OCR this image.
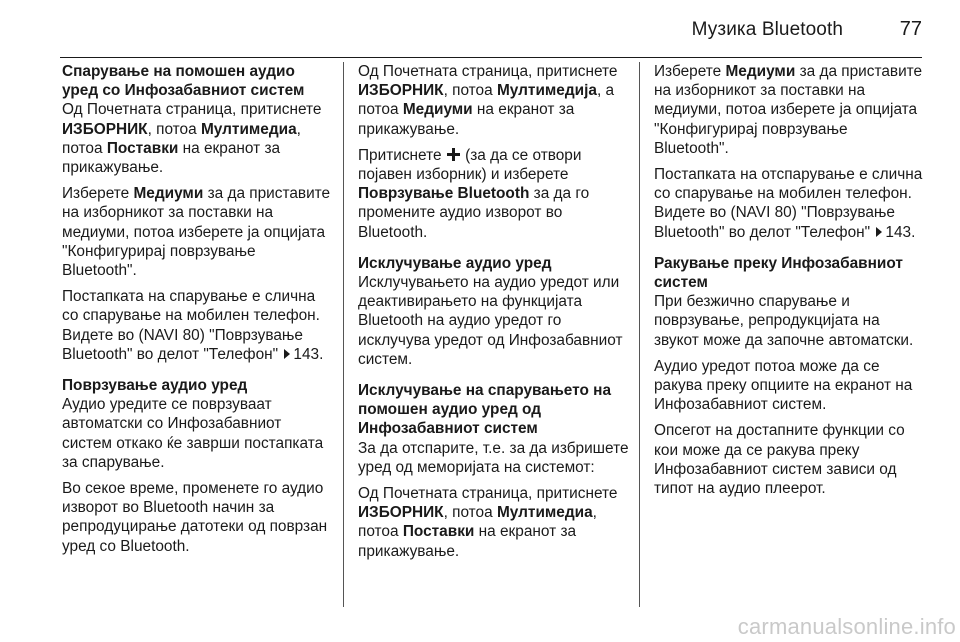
Музика Bluetooth	77
Спарување на помошен аудио уред со Инфозабавниот систем

Од Почетната страница, притиснете ИЗБОРНИК, потоа Мултимедиа, потоа Поставки на екранот за прикажување.

Изберете Медиуми за да приставите на изборникот за поставки на медиуми, потоа изберете ја опцијата "Конфигурирај поврзување Bluetooth".

Постапката на спарување е слична со спарување на мобилен телефон. Видете во (NAVI 80) "Поврзување Bluetooth" во делот "Телефон" 143.

Поврзување аудио уред

Аудио уредите се поврзуваат автоматски со Инфозабавниот систем откако ќе заврши постапката за спарување.

Во секое време, променете го аудио изворот во Bluetooth начин за репродуцирање датотеки од поврзан уред со Bluetooth.

Од Почетната страница, притиснете ИЗБОРНИК, потоа Мултимедија, а потоа Медиуми на екранот за прикажување.

Притиснете  (за да се отвори појавен изборник) и изберете Поврзување Bluetooth за да го промените аудио изворот во Bluetooth.

Исклучување аудио уред

Исклучувањето на аудио уредот или деактивирањето на функцијата Bluetooth на аудио уредот го исклучува уредот од Инфозабавниот систем.

Исклучување на спарувањето на помошен аудио уред од Инфозабавниот систем

За да отспарите, т.е. за да избришете уред од меморијата на системот:

Од Почетната страница, притиснете ИЗБОРНИК, потоа Мултимедиа, потоа Поставки на екранот за прикажување.

Изберете Медиуми за да приставите на изборникот за поставки на медиуми, потоа изберете ја опцијата "Конфигурирај поврзување Bluetooth".

Постапката на отспарување е слична со спарување на мобилен телефон. Видете во (NAVI 80) "Поврзување Bluetooth" во делот "Телефон" 143.

Ракување преку Инфозабавниот систем

При безжично спарување и поврзување, репродукцијата на звукот може да започне автоматски.

Аудио уредот потоа може да се ракува преку опциите на екранот на Инфозабавниот систем.

Опсегот на достапните функции со кои може да се ракува преку Инфозабавниот систем зависи од типот на аудио плеерот.

carmanualsonline.info
